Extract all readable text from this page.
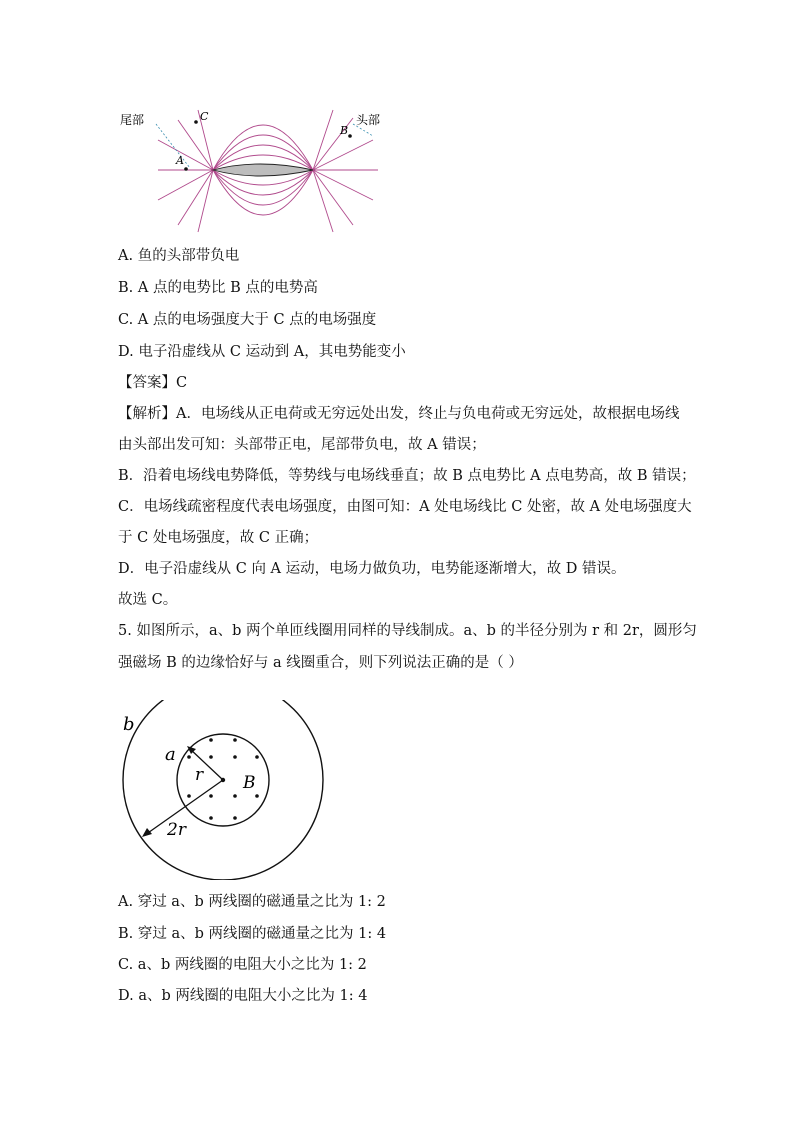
尾部	头部
A
C
B
A. 鱼的头部带负电
B. A 点的电势比 B 点的电势高
C. A 点的电场强度大于 C 点的电场强度
D. 电子沿虚线从 C 运动到 A，其电势能变小
【答案】C
【解析】A．电场线从正电荷或无穷远处出发，终止与负电荷或无穷远处，故根据电场线
由头部出发可知：头部带正电，尾部带负电，故 A 错误；
B．沿着电场线电势降低，等势线与电场线垂直；故 B 点电势比 A 点电势高，故 B 错误；
C．电场线疏密程度代表电场强度，由图可知：A 处电场线比 C 处密，故 A 处电场强度大
于 C 处电场强度，故 C 正确；
D．电子沿虚线从 C 向 A 运动，电场力做负功，电势能逐渐增大，故 D 错误。
故选 C。
5. 如图所示，a、b 两个单匝线圈用同样的导线制成。a、b 的半径分别为 r 和 2r，圆形匀
强磁场 B 的边缘恰好与 a 线圈重合，则下列说法正确的是（ ）
b
a
r B
2r
A. 穿过 a、b 两线圈的磁通量之比为 1: 2
B. 穿过 a、b 两线圈的磁通量之比为 1: 4
C. a、b 两线圈的电阻大小之比为 1: 2
D. a、b 两线圈的电阻大小之比为 1: 4
